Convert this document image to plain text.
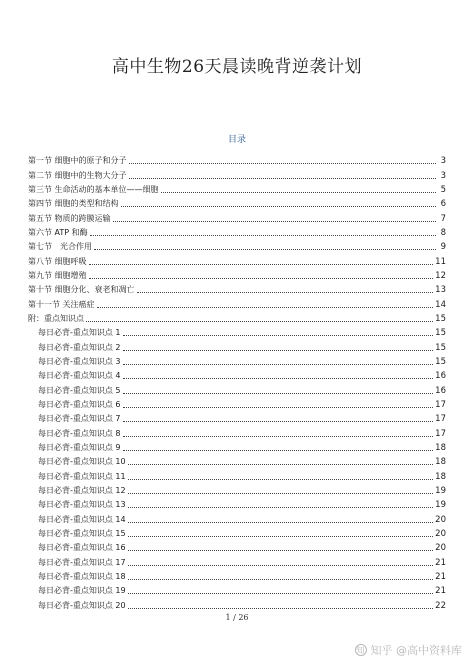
高中生物26天晨读晚背逆袭计划
目录
第一节 细胞中的原子和分子	3
第二节 细胞中的生物大分子	3
第三节 生命活动的基本单位——细胞	5
第四节 细胞的类型和结构	6
第五节 物质的跨膜运输	7
第六节 ATP 和酶	8
第七节　光合作用	9
第八节 细胞呼吸	11
第九节 细胞增殖	12
第十节 细胞分化、衰老和凋亡	13
第十一节 关注癌症	14
附：重点知识点	15
每日必背-重点知识点 1	15
每日必背-重点知识点 2	15
每日必背-重点知识点 3	15
每日必背-重点知识点 4	16
每日必背-重点知识点 5	16
每日必背-重点知识点 6	17
每日必背-重点知识点 7	17
每日必背-重点知识点 8	17
每日必背-重点知识点 9	18
每日必背-重点知识点 10	18
每日必背-重点知识点 11	18
每日必背-重点知识点 12	19
每日必背-重点知识点 13	19
每日必背-重点知识点 14	20
每日必背-重点知识点 15	20
每日必背-重点知识点 16	20
每日必背-重点知识点 17	21
每日必背-重点知识点 18	21
每日必背-重点知识点 19	21
每日必背-重点知识点 20	22
1 / 26
知 知乎 @高中资料库
